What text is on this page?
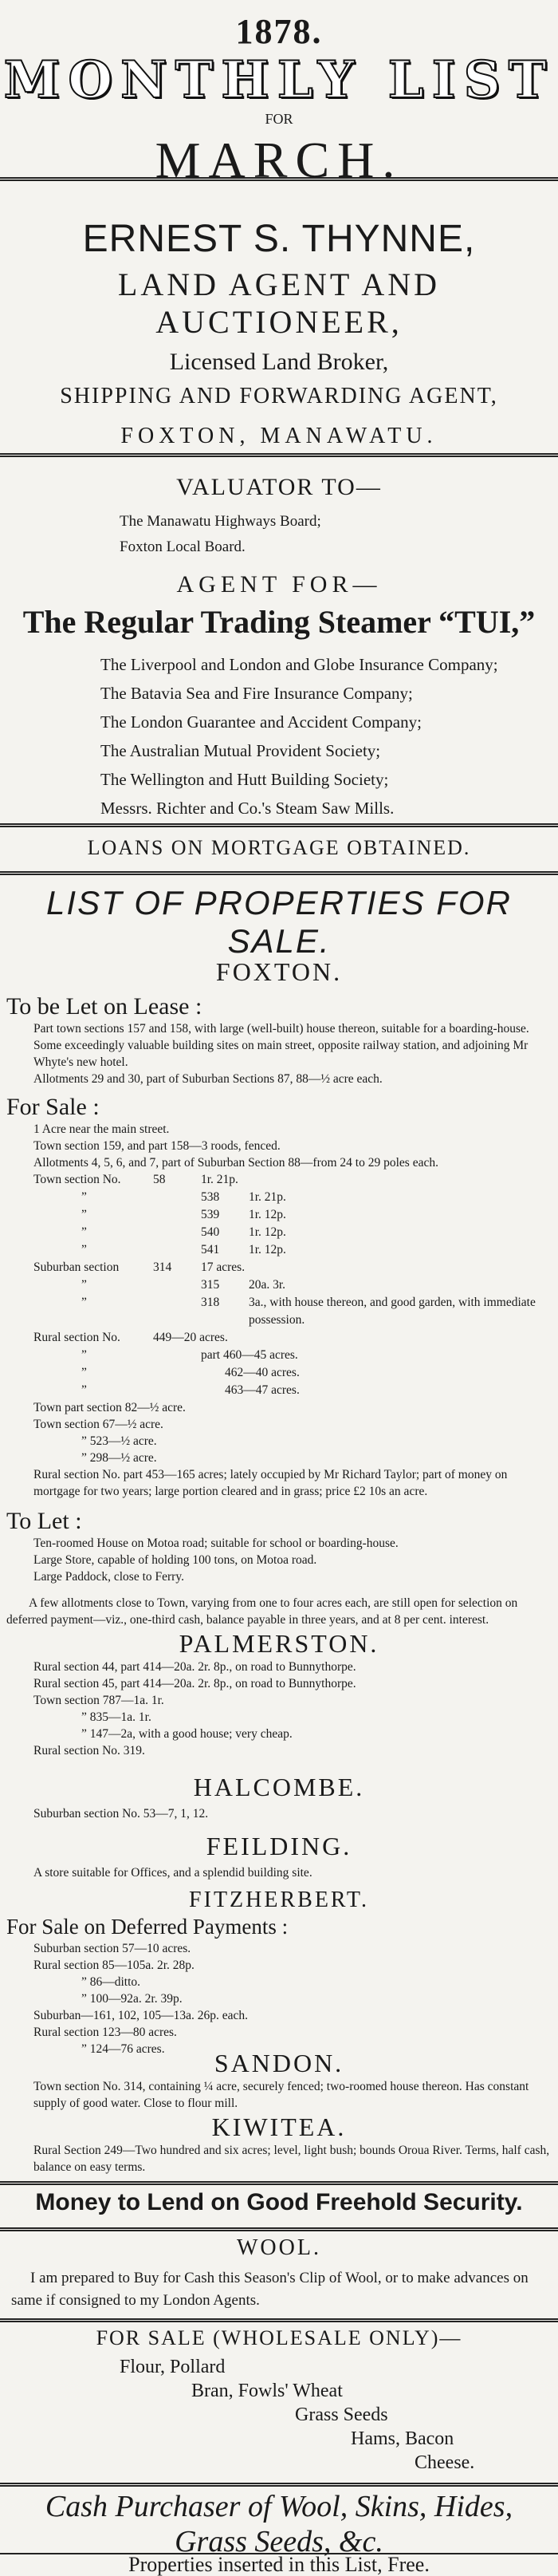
1878.
MONTHLY LIST
FOR
MARCH.
ERNEST S. THYNNE,
LAND AGENT AND AUCTIONEER,
Licensed Land Broker,
SHIPPING AND FORWARDING AGENT,
FOXTON, MANAWATU.
VALUATOR TO—

The Manawatu Highways Board;

Foxton Local Board.

AGENT FOR—
The Regular Trading Steamer “TUI,”

The Liverpool and London and Globe Insurance Company;

The Batavia Sea and Fire Insurance Company;

The London Guarantee and Accident Company;

The Australian Mutual Provident Society;

The Wellington and Hutt Building Society;

Messrs. Richter and Co.'s Steam Saw Mills.

LOANS ON MORTGAGE OBTAINED.
LIST OF PROPERTIES FOR SALE.
FOXTON.
To be Let on Lease :

Part town sections 157 and 158, with large (well-built) house thereon, suitable for a boarding-house.

Some exceedingly valuable building sites on main street, opposite railway station, and adjoining Mr Whyte's new hotel.

Allotments 29 and 30, part of Suburban Sections 87, 88—½ acre each.

For Sale :

1 Acre near the main street.

Town section 159, and part 158—3 roods, fenced.

Allotments 4, 5, 6, and 7, part of Suburban Section 88—from 24 to 29 poles each.

Town section No.	58	1r. 21p.
”	538	1r. 21p.
”	539	1r. 12p.
”	540	1r. 12p.
”	541	1r. 12p.
Suburban section	314	17 acres.
”	315	20a. 3r.
”	318	3a., with house thereon, and good garden, with immediate possession.
Rural section No.	449—20 acres.
”	part 460—45 acres.
”	462—40 acres.
”	463—47 acres.

Town part section 82—½ acre.

Town section 67—½ acre.

” 523—½ acre.

” 298—½ acre.

Rural section No. part 453—165 acres; lately occupied by Mr Richard Taylor; part of money on mortgage for two years; large portion cleared and in grass; price £2 10s an acre.

To Let :

Ten-roomed House on Motoa road; suitable for school or boarding-house.

Large Store, capable of holding 100 tons, on Motoa road.

Large Paddock, close to Ferry.

A few allotments close to Town, varying from one to four acres each, are still open for selection on deferred payment—viz., one-third cash, balance payable in three years, and at 8 per cent. interest.

PALMERSTON.

Rural section 44, part 414—20a. 2r. 8p., on road to Bunnythorpe.

Rural section 45, part 414—20a. 2r. 8p., on road to Bunnythorpe.

Town section 787—1a. 1r.

” 835—1a. 1r.

” 147—2a, with a good house; very cheap.

Rural section No. 319.

HALCOMBE.

Suburban section No. 53—7, 1, 12.

FEILDING.

A store suitable for Offices, and a splendid building site.

FITZHERBERT.
For Sale on Deferred Payments :

Suburban section 57—10 acres.

Rural section 85—105a. 2r. 28p.

” 86—ditto.

” 100—92a. 2r. 39p.

Suburban—161, 102, 105—13a. 26p. each.

Rural section 123—80 acres.

” 124—76 acres.	SANDON.

Town section No. 314, containing ¼ acre, securely fenced; two-roomed house thereon. Has constant supply of good water. Close to flour mill.

KIWITEA.

Rural Section 249—Two hundred and six acres; level, light bush; bounds Oroua River. Terms, half cash, balance on easy terms.

Money to Lend on Good Freehold Security.
WOOL.

I am prepared to Buy for Cash this Season's Clip of Wool, or to make advances on same if consigned to my London Agents.

FOR SALE (WHOLESALE ONLY)—

Flour, Pollard

Bran, Fowls' Wheat

Grass Seeds

Hams, Bacon

Cheese.

Cash Purchaser of Wool, Skins, Hides, Grass Seeds, &c.
Properties inserted in this List, Free.
